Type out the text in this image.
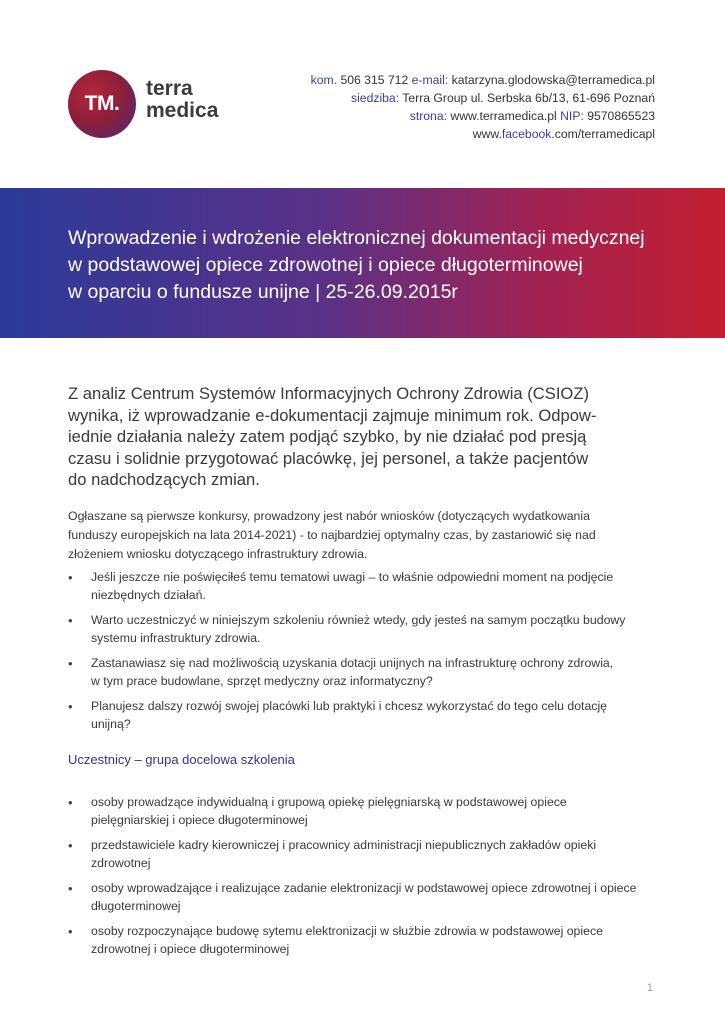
TM.
terra
medica
kom. 506 315 712 e-mail: katarzyna.glodowska@terramedica.pl
siedziba: Terra Group ul. Serbska 6b/13, 61-696 Poznań
strona: www.terramedica.pl NIP: 9570865523
www.facebook.com/terramedicapl
Wprowadzenie i wdrożenie elektronicznej dokumentacji medycznej
w podstawowej opiece zdrowotnej i opiece długoterminowej
w oparciu o fundusze unijne | 25-26.09.2015r
Z analiz Centrum Systemów Informacyjnych Ochrony Zdrowia (CSIOZ)
wynika, iż wprowadzanie e-dokumentacji zajmuje minimum rok. Odpow-
iednie działania należy zatem podjąć szybko, by nie działać pod presją
czasu i solidnie przygotować placówkę, jej personel, a także pacjentów
do nadchodzących zmian.
Ogłaszane są pierwsze konkursy, prowadzony jest nabór wniosków (dotyczących wydatkowania
funduszy europejskich na lata 2014-2021) - to najbardziej optymalny czas, by zastanowić się nad
złożeniem wniosku dotyczącego infrastruktury zdrowia.
• Jeśli jeszcze nie poświęciłeś temu tematowi uwagi – to właśnie odpowiedni moment na podjęcie
niezbędnych działań.
• Warto uczestniczyć w niniejszym szkoleniu również wtedy, gdy jesteś na samym początku budowy
systemu infrastruktury zdrowia.
• Zastanawiasz się nad możliwością uzyskania dotacji unijnych na infrastrukturę ochrony zdrowia,
w tym prace budowlane, sprzęt medyczny oraz informatyczny?
• Planujesz dalszy rozwój swojej placówki lub praktyki i chcesz wykorzystać do tego celu dotację
unijną?
Uczestnicy – grupa docelowa szkolenia
• osoby prowadzące indywidualną i grupową opiekę pielęgniarską w podstawowej opiece
pielęgniarskiej i opiece długoterminowej
• przedstawiciele kadry kierowniczej i pracownicy administracji niepublicznych zakładów opieki
zdrowotnej
• osoby wprowadzające i realizujące zadanie elektronizacji w podstawowej opiece zdrowotnej i opiece
długoterminowej
• osoby rozpoczynające budowę sytemu elektronizacji w służbie zdrowia w podstawowej opiece
zdrowotnej i opiece długoterminowej
1
